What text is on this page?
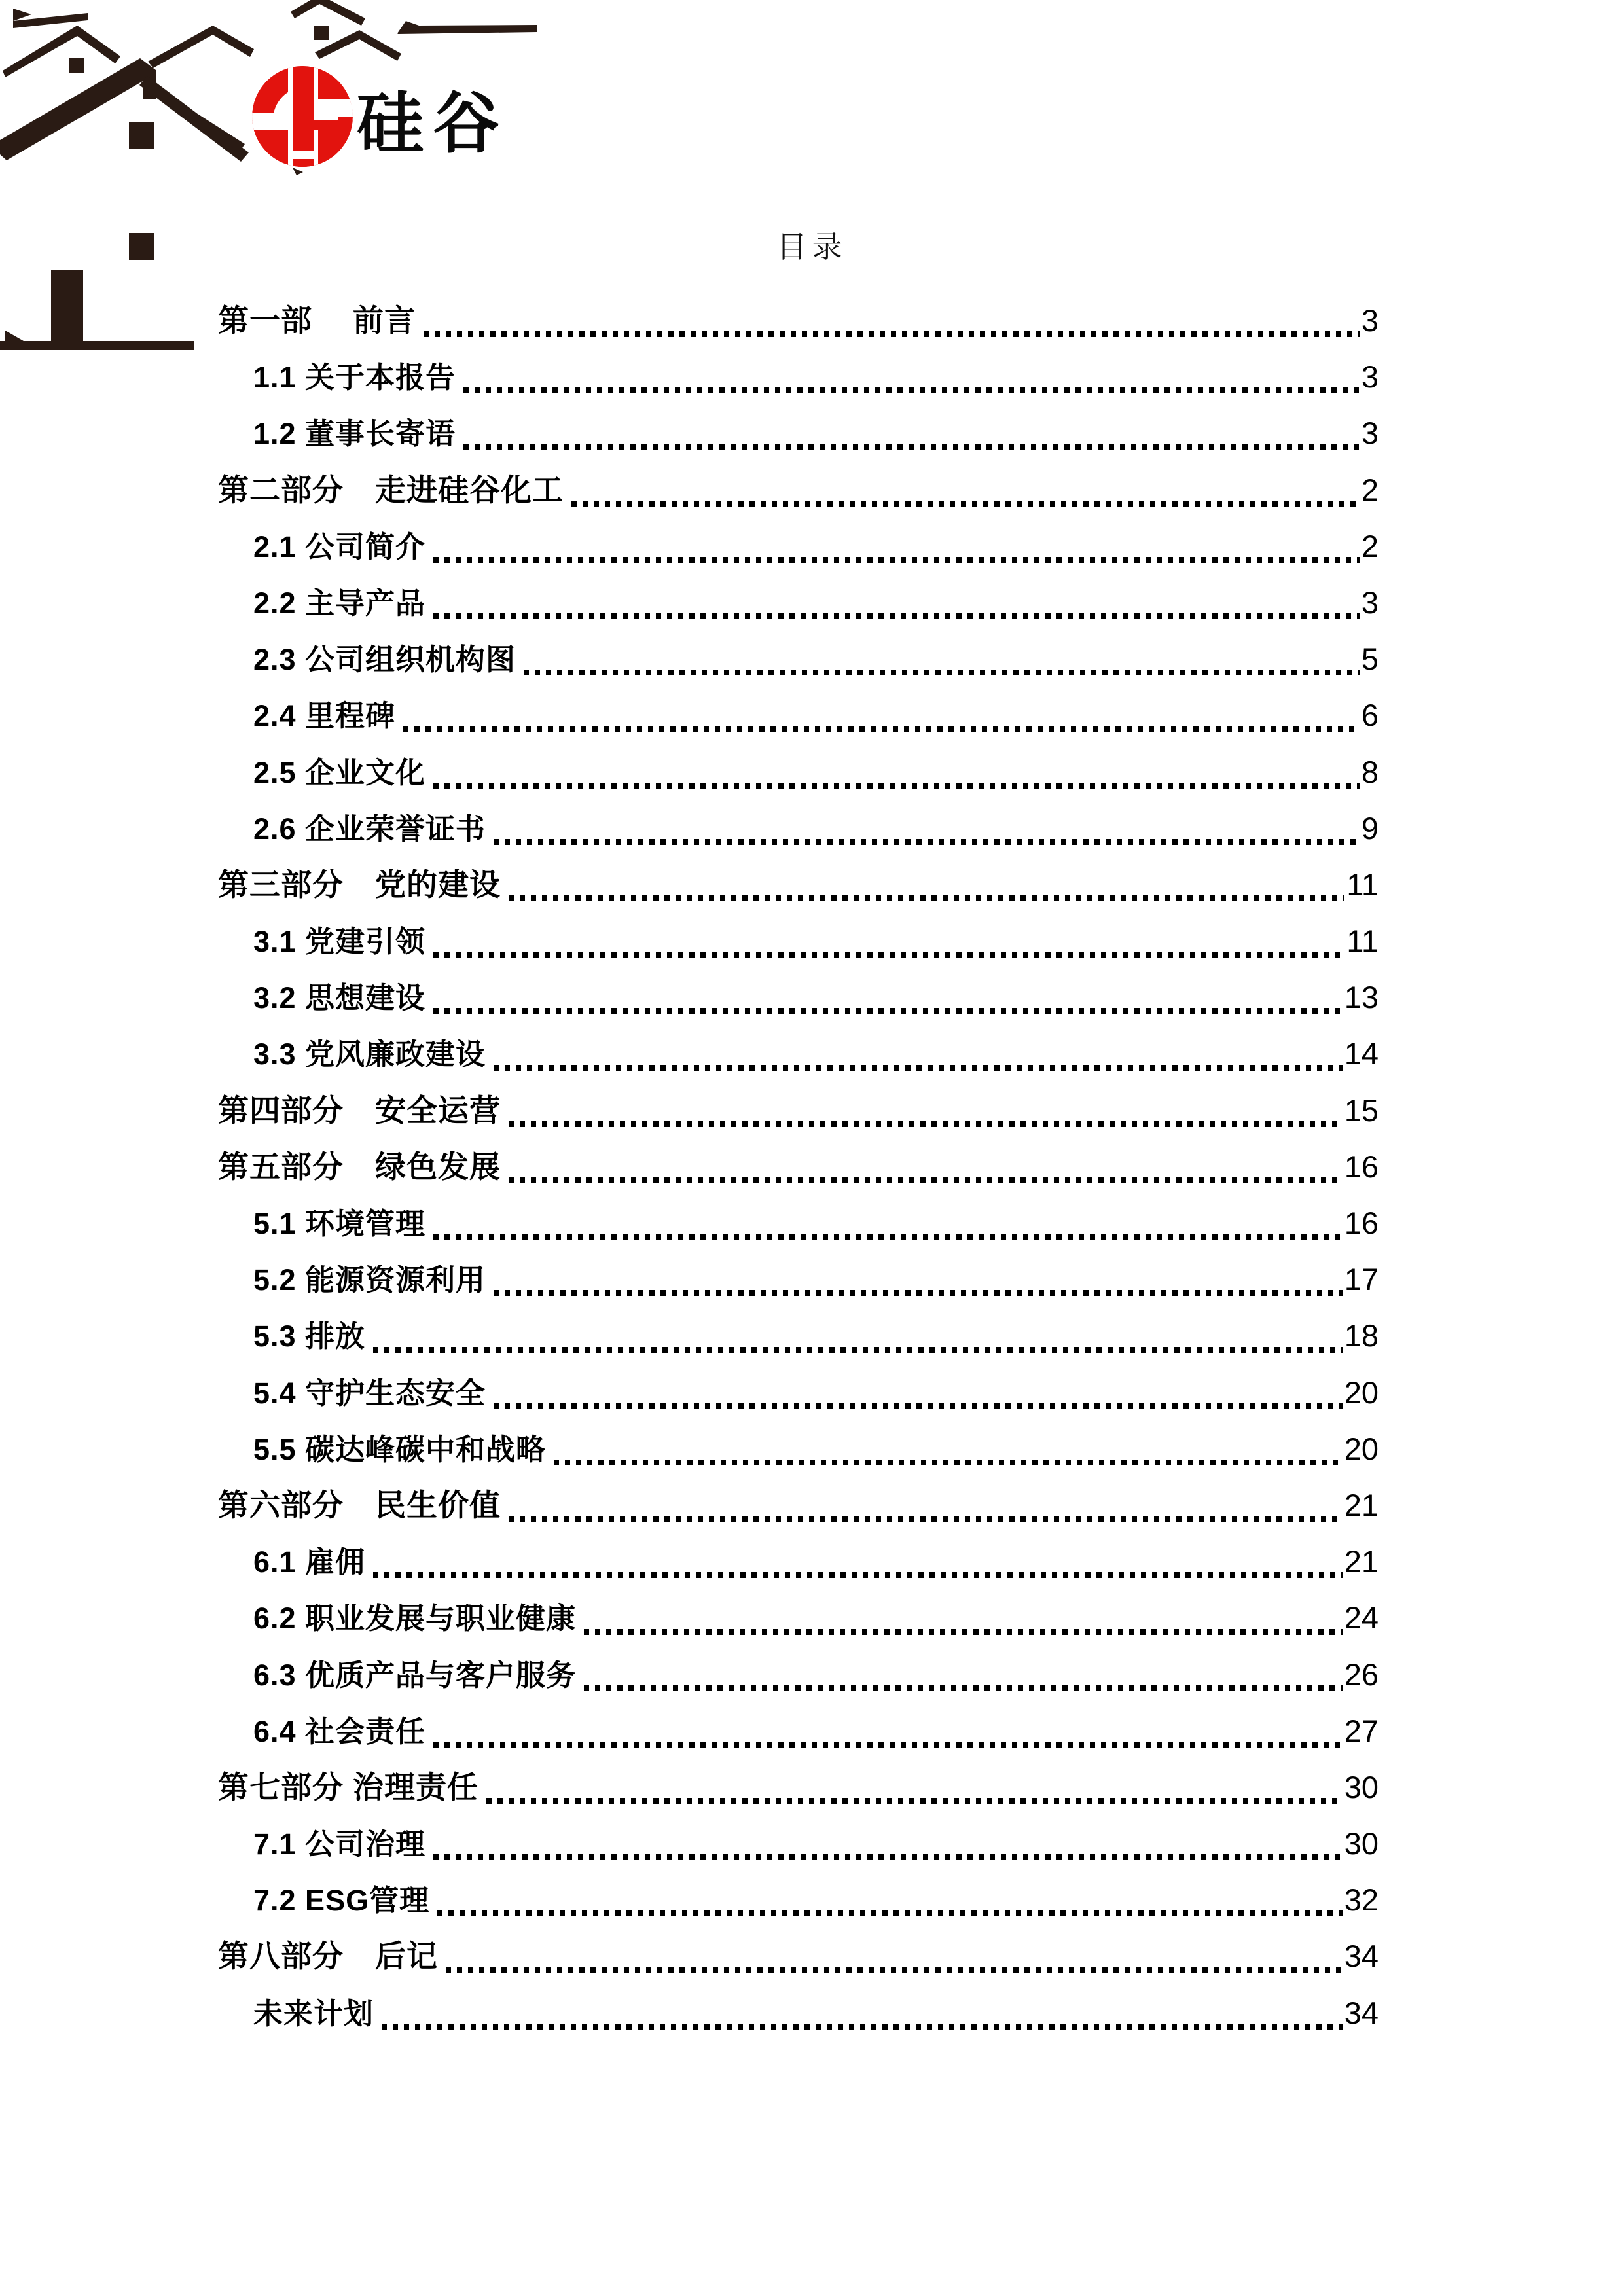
硅谷
目录
第一部　 前言	3
1.1 关于本报告	3
1.2 董事长寄语	3
第二部分　走进硅谷化工	2
2.1 公司简介	2
2.2 主导产品	3
2.3 公司组织机构图	5
2.4 里程碑	6
2.5 企业文化	8
2.6 企业荣誉证书	9
第三部分　党的建设	11
3.1 党建引领	11
3.2 思想建设	13
3.3 党风廉政建设	14
第四部分　安全运营	15
第五部分　绿色发展	16
5.1 环境管理	16
5.2 能源资源利用	17
5.3 排放	18
5.4 守护生态安全	20
5.5 碳达峰碳中和战略	20
第六部分　民生价值	21
6.1 雇佣	21
6.2 职业发展与职业健康	24
6.3 优质产品与客户服务	26
6.4 社会责任	27
第七部分 治理责任	30
7.1 公司治理	30
7.2 ESG管理	32
第八部分　后记	34
未来计划	34
